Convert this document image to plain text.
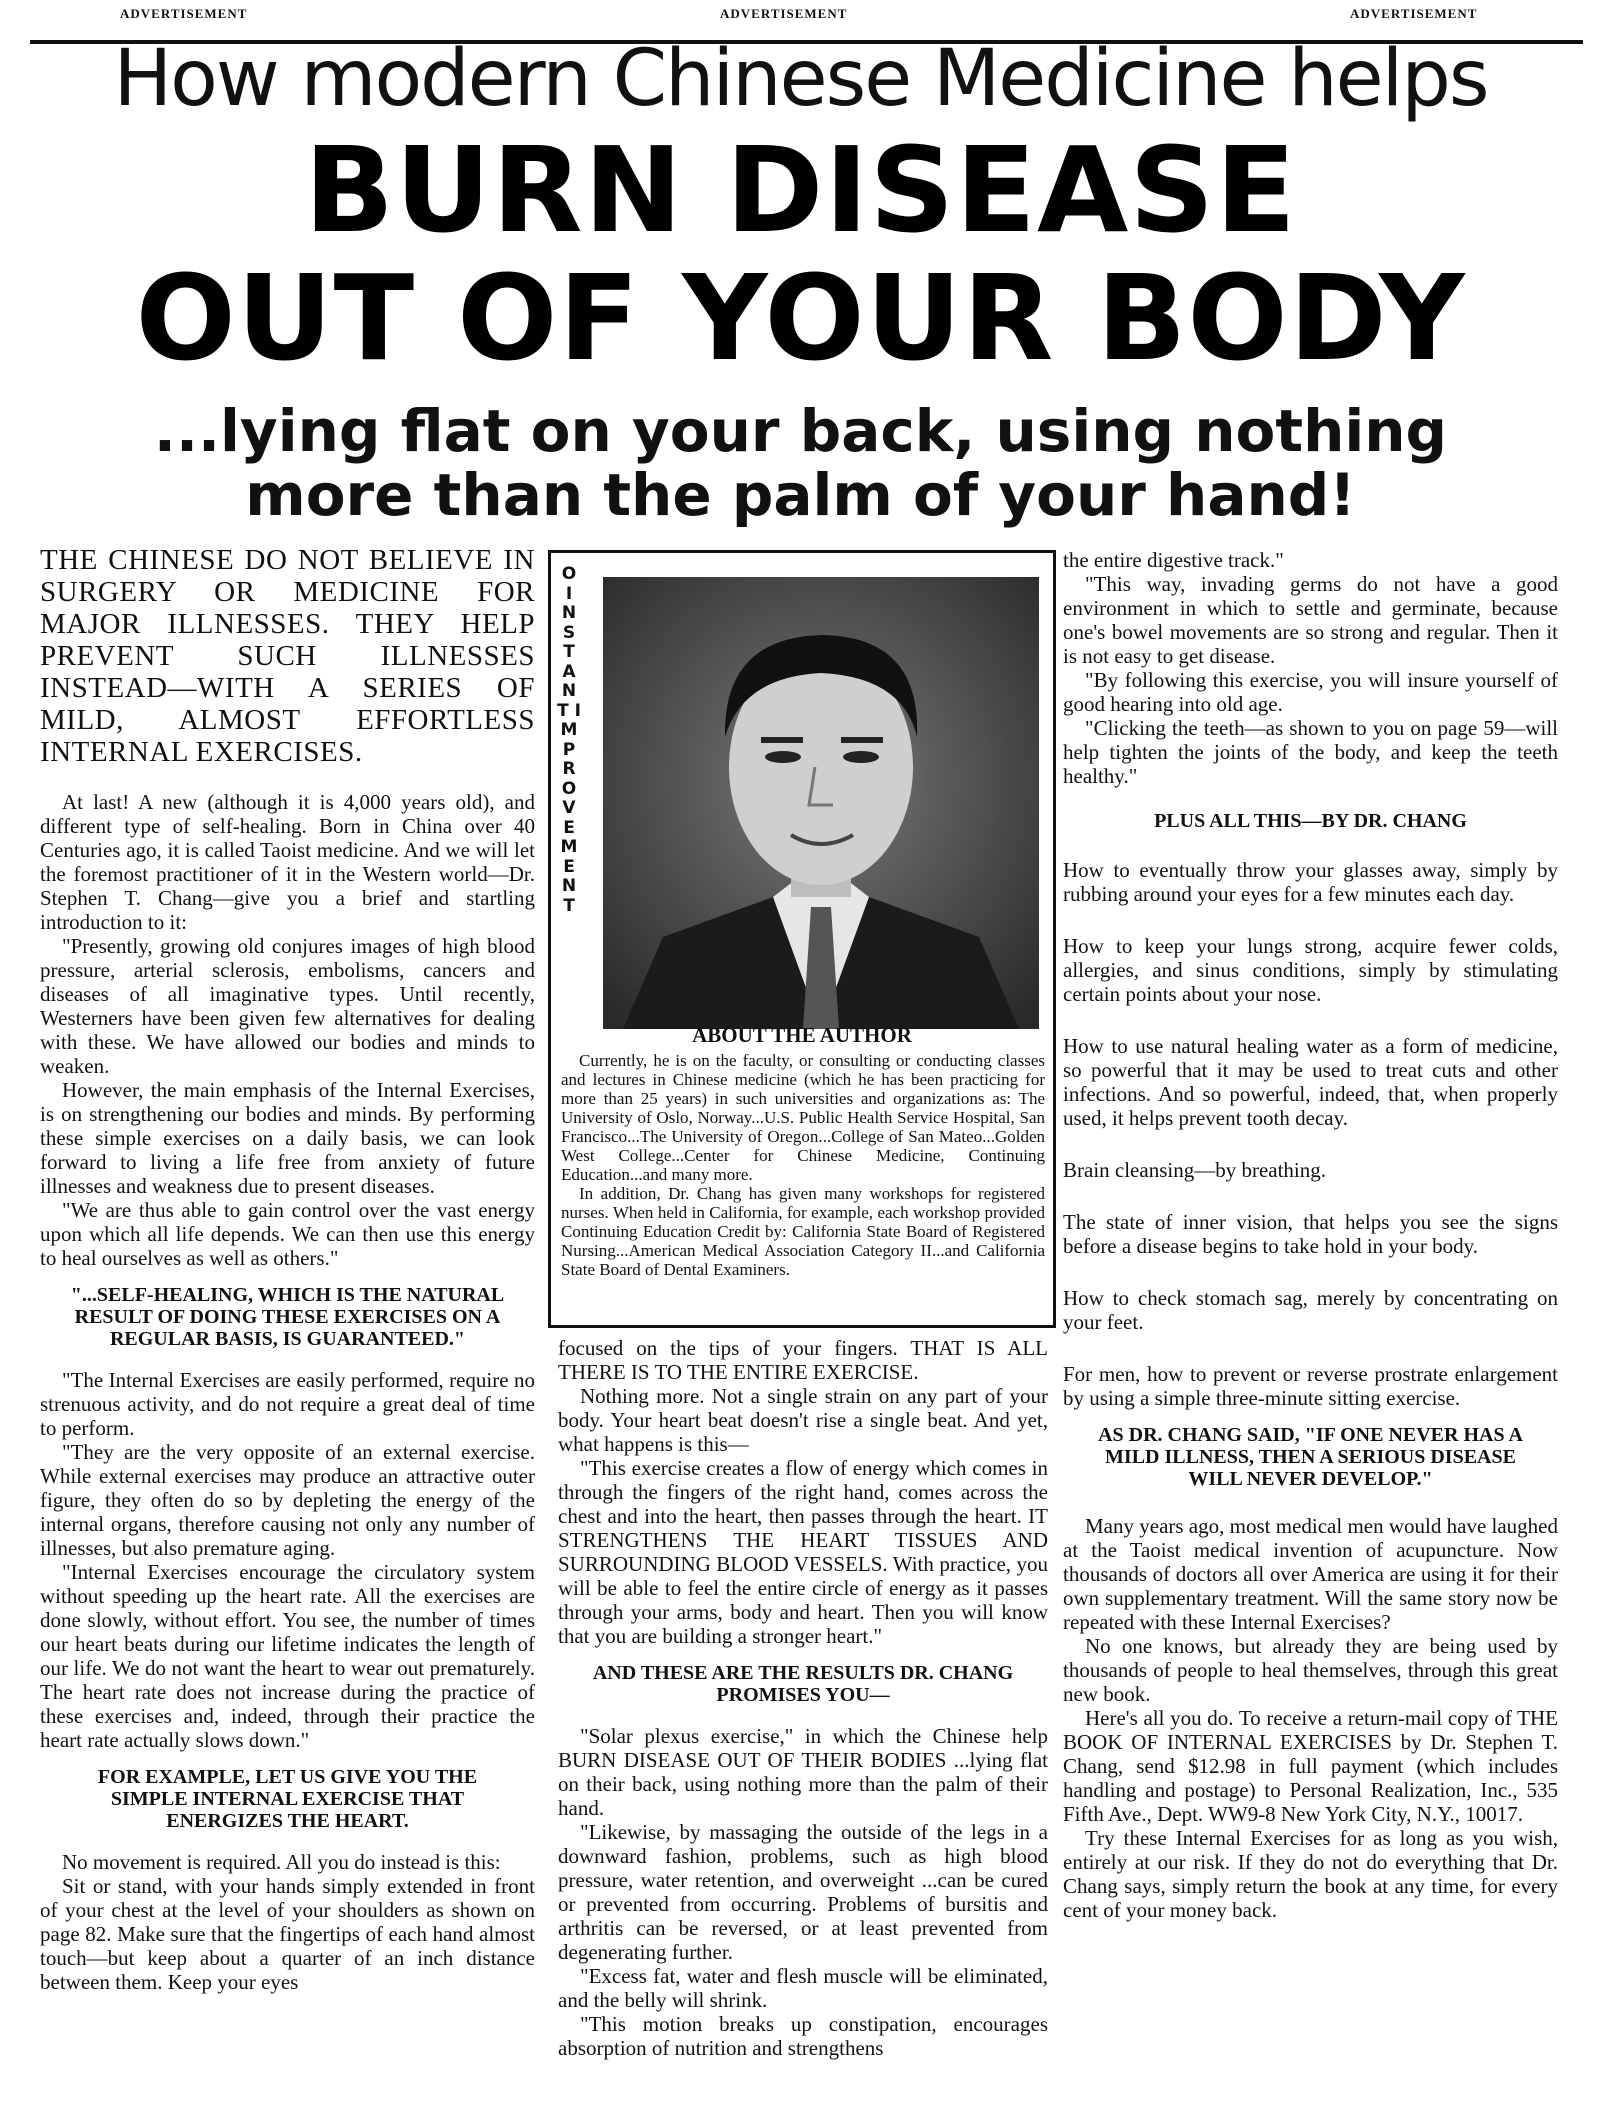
ADVERTISEMENT	ADVERTISEMENT	ADVERTISEMENT
How modern Chinese Medicine helps
BURN DISEASE
OUT OF YOUR BODY
...lying flat on your back, using nothing
more than the palm of your hand!
THE CHINESE DO NOT BELIEVE IN SURGERY OR MEDICINE FOR MAJOR ILLNESSES. THEY HELP PREVENT SUCH ILLNESSES INSTEAD—WITH A SERIES OF MILD, ALMOST EFFORTLESS INTERNAL EXERCISES.

At last! A new (although it is 4,000 years old), and different type of self-healing. Born in China over 40 Centuries ago, it is called Taoist medicine. And we will let the foremost practitioner of it in the Western world—Dr. Stephen T. Chang—give you a brief and startling introduction to it:

"Presently, growing old conjures images of high blood pressure, arterial sclerosis, embolisms, cancers and diseases of all imaginative types. Until recently, Westerners have been given few alternatives for dealing with these. We have allowed our bodies and minds to weaken.

However, the main emphasis of the Internal Exercises, is on strengthening our bodies and minds. By performing these simple exercises on a daily basis, we can look forward to living a life free from anxiety of future illnesses and weakness due to present diseases.

"We are thus able to gain control over the vast energy upon which all life depends. We can then use this energy to heal ourselves as well as others."

"...SELF-HEALING, WHICH IS THE NATURAL RESULT OF DOING THESE EXERCISES ON A REGULAR BASIS, IS GUARANTEED."

"The Internal Exercises are easily performed, require no strenuous activity, and do not require a great deal of time to perform.

"They are the very opposite of an external exercise. While external exercises may produce an attractive outer figure, they often do so by depleting the energy of the internal organs, therefore causing not only any number of illnesses, but also premature aging.

"Internal Exercises encourage the circulatory system without speeding up the heart rate. All the exercises are done slowly, without effort. You see, the number of times our heart beats during our lifetime indicates the length of our life. We do not want the heart to wear out prematurely. The heart rate does not increase during the practice of these exercises and, indeed, through their practice the heart rate actually slows down."

FOR EXAMPLE, LET US GIVE YOU THE SIMPLE INTERNAL EXERCISE THAT ENERGIZES THE HEART.

No movement is required. All you do instead is this:

Sit or stand, with your hands simply extended in front of your chest at the level of your shoulders as shown on page 82. Make sure that the fingertips of each hand almost touch—but keep about a quarter of an inch distance between them. Keep your eyes

O I N S T A N T I M P R O V E M E N T
ABOUT THE AUTHOR

Currently, he is on the faculty, or consulting or conducting classes and lectures in Chinese medicine (which he has been practicing for more than 25 years) in such universities and organizations as: The University of Oslo, Norway...U.S. Public Health Service Hospital, San Francisco...The University of Oregon...College of San Mateo...Golden West College...Center for Chinese Medicine, Continuing Education...and many more.

In addition, Dr. Chang has given many workshops for registered nurses. When held in California, for example, each workshop provided Continuing Education Credit by: California State Board of Registered Nursing...American Medical Association Category II...and California State Board of Dental Examiners.

focused on the tips of your fingers. THAT IS ALL THERE IS TO THE ENTIRE EXERCISE.

Nothing more. Not a single strain on any part of your body. Your heart beat doesn't rise a single beat. And yet, what happens is this—

"This exercise creates a flow of energy which comes in through the fingers of the right hand, comes across the chest and into the heart, then passes through the heart. IT STRENGTHENS THE HEART TISSUES AND SURROUNDING BLOOD VESSELS. With practice, you will be able to feel the entire circle of energy as it passes through your arms, body and heart. Then you will know that you are building a stronger heart."

AND THESE ARE THE RESULTS DR. CHANG PROMISES YOU—

"Solar plexus exercise," in which the Chinese help BURN DISEASE OUT OF THEIR BODIES ...lying flat on their back, using nothing more than the palm of their hand.

"Likewise, by massaging the outside of the legs in a downward fashion, problems, such as high blood pressure, water retention, and overweight ...can be cured or prevented from occurring. Problems of bursitis and arthritis can be reversed, or at least prevented from degenerating further.

"Excess fat, water and flesh muscle will be eliminated, and the belly will shrink.

"This motion breaks up constipation, encourages absorption of nutrition and strengthens

the entire digestive track."

"This way, invading germs do not have a good environment in which to settle and germinate, because one's bowel movements are so strong and regular. Then it is not easy to get disease.

"By following this exercise, you will insure yourself of good hearing into old age.

"Clicking the teeth—as shown to you on page 59—will help tighten the joints of the body, and keep the teeth healthy."

PLUS ALL THIS—BY DR. CHANG

How to eventually throw your glasses away, simply by rubbing around your eyes for a few minutes each day.

How to keep your lungs strong, acquire fewer colds, allergies, and sinus conditions, simply by stimulating certain points about your nose.

How to use natural healing water as a form of medicine, so powerful that it may be used to treat cuts and other infections. And so powerful, indeed, that, when properly used, it helps prevent tooth decay.

Brain cleansing—by breathing.

The state of inner vision, that helps you see the signs before a disease begins to take hold in your body.

How to check stomach sag, merely by concentrating on your feet.

For men, how to prevent or reverse prostrate enlargement by using a simple three-minute sitting exercise.

AS DR. CHANG SAID, "IF ONE NEVER HAS A MILD ILLNESS, THEN A SERIOUS DISEASE WILL NEVER DEVELOP."

Many years ago, most medical men would have laughed at the Taoist medical invention of acupuncture. Now thousands of doctors all over America are using it for their own supplementary treatment. Will the same story now be repeated with these Internal Exercises?

No one knows, but already they are being used by thousands of people to heal themselves, through this great new book.

Here's all you do. To receive a return-mail copy of THE BOOK OF INTERNAL EXERCISES by Dr. Stephen T. Chang, send $12.98 in full payment (which includes handling and postage) to Personal Realization, Inc., 535 Fifth Ave., Dept. WW9-8 New York City, N.Y., 10017.

Try these Internal Exercises for as long as you wish, entirely at our risk. If they do not do everything that Dr. Chang says, simply return the book at any time, for every cent of your money back.
